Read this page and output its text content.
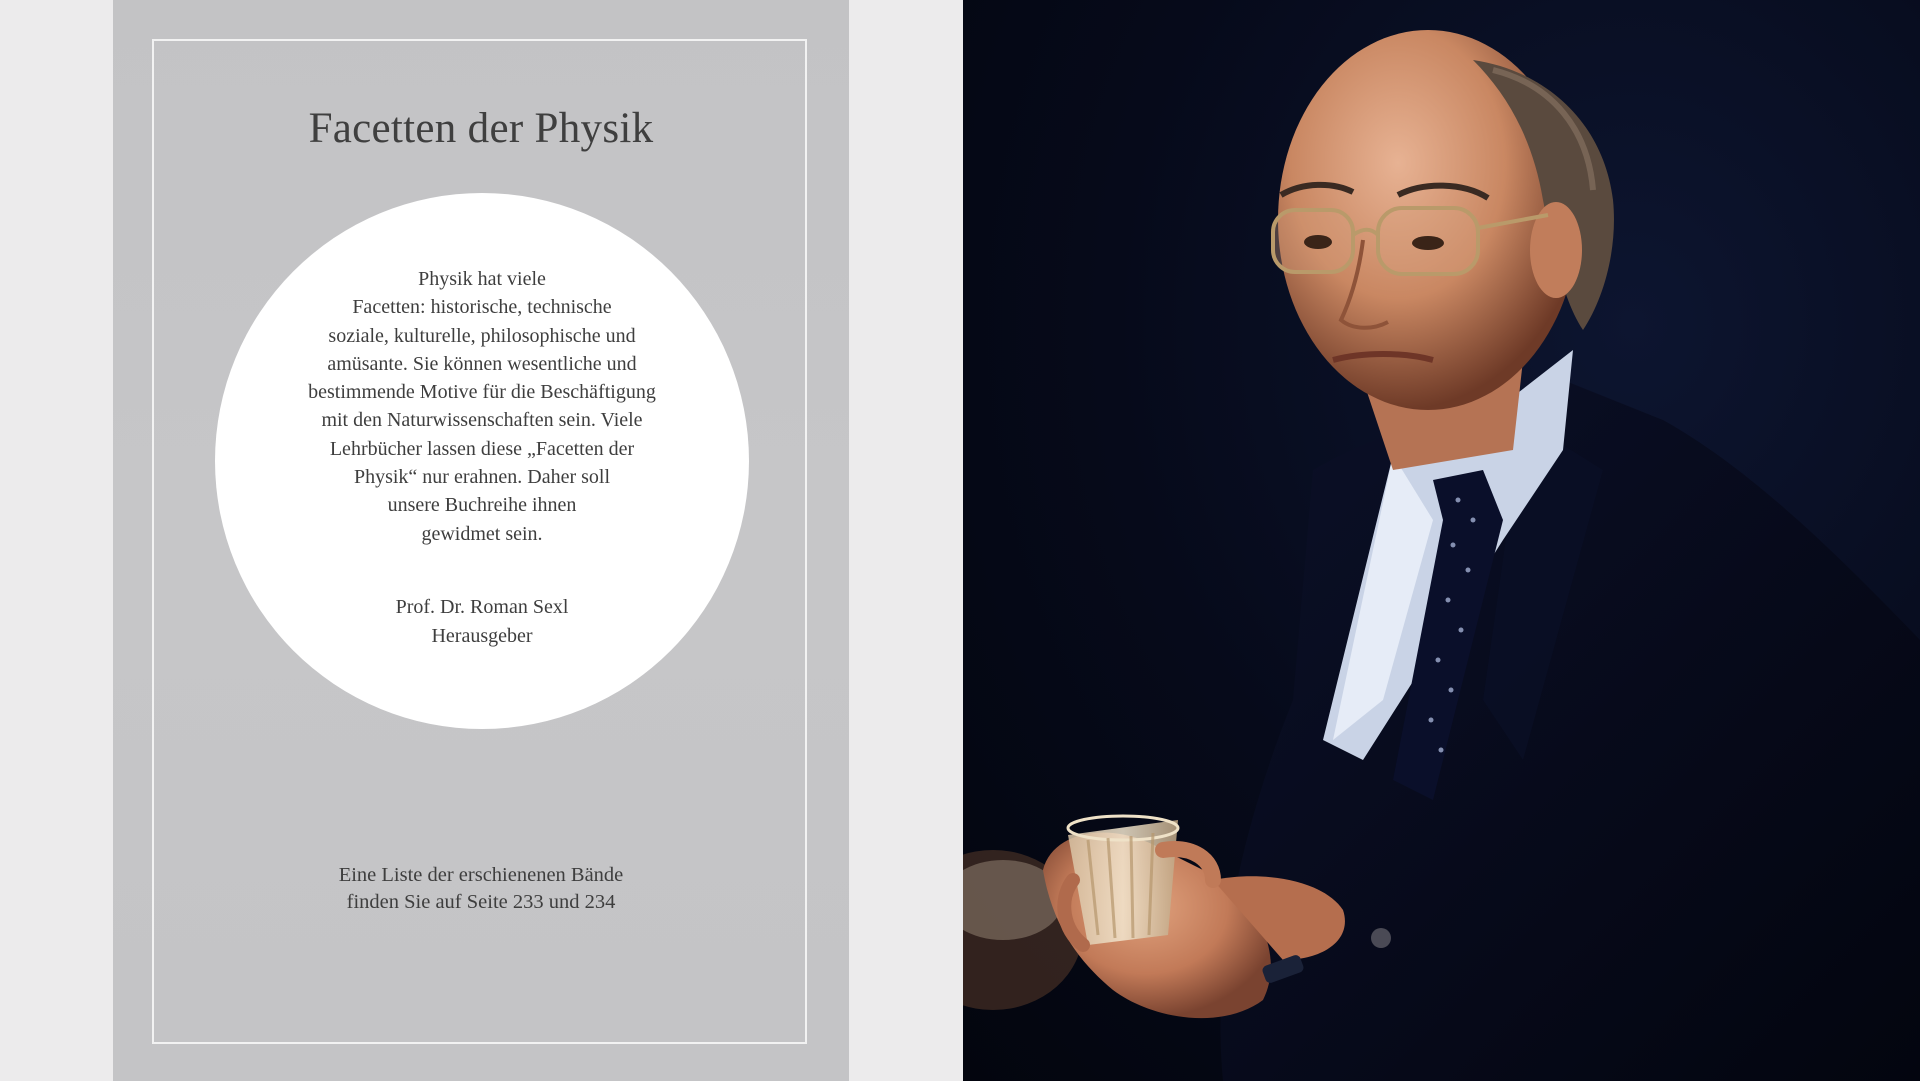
Facetten der Physik
Physik hat viele
Facetten: historische, technische
soziale, kulturelle, philosophische und
amüsante. Sie können wesentliche und
bestimmende Motive für die Beschäftigung
mit den Naturwissenschaften sein. Viele
Lehrbücher lassen diese „Facetten der
Physik“ nur erahnen. Daher soll
unsere Buchreihe ihnen
gewidmet sein.
Prof. Dr. Roman Sexl
Herausgeber
Eine Liste der erschienenen Bände
finden Sie auf Seite 233 und 234
